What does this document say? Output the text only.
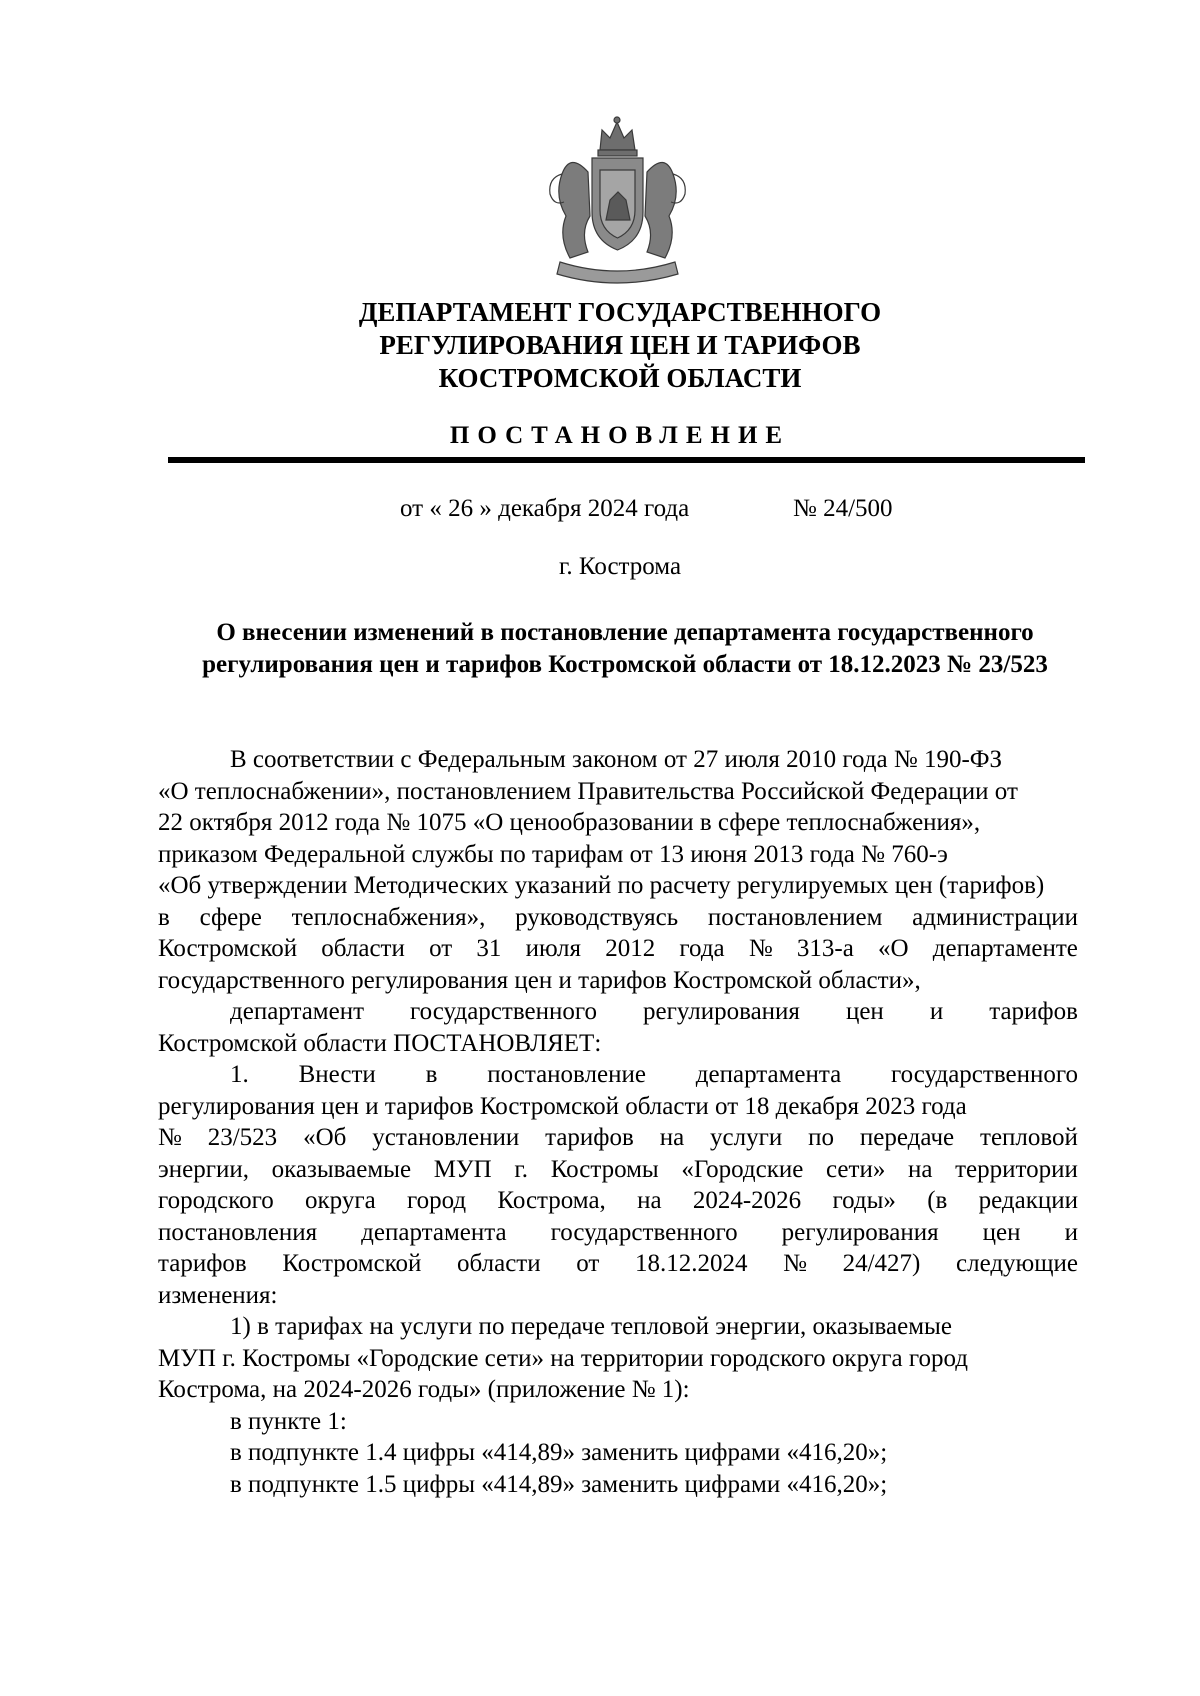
ДЕПАРТАМЕНТ ГОСУДАРСТВЕННОГО
РЕГУЛИРОВАНИЯ ЦЕН И ТАРИФОВ
КОСТРОМСКОЙ ОБЛАСТИ
ПОСТАНОВЛЕНИЕ
от « 26 » декабря 2024 года	№ 24/500
г. Кострома
О внесении изменений в постановление департамента государственного
регулирования цен и тарифов Костромской области от 18.12.2023 № 23/523
В соответствии с Федеральным законом от 27 июля 2010 года № 190-ФЗ
«О теплоснабжении», постановлением Правительства Российской Федерации от
22 октября 2012 года № 1075 «О ценообразовании в сфере теплоснабжения»,
приказом Федеральной службы по тарифам от 13 июня 2013 года № 760-э
«Об утверждении Методических указаний по расчету регулируемых цен (тарифов)
в сфере теплоснабжения», руководствуясь постановлением администрации
Костромской области от 31 июля 2012 года № 313-а «О департаменте
государственного регулирования цен и тарифов Костромской области»,
департамент государственного регулирования цен и тарифов
Костромской области ПОСТАНОВЛЯЕТ:
1. Внести в постановление департамента государственного
регулирования цен и тарифов Костромской области от 18 декабря 2023 года
№ 23/523 «Об установлении тарифов на услуги по передаче тепловой
энергии, оказываемые МУП г. Костромы «Городские сети» на территории
городского округа город Кострома, на 2024-2026 годы» (в редакции
постановления департамента государственного регулирования цен и
тарифов Костромской области от 18.12.2024 № 24/427) следующие
изменения:
1) в тарифах на услуги по передаче тепловой энергии, оказываемые
МУП г. Костромы «Городские сети» на территории городского округа город
Кострома, на 2024-2026 годы» (приложение № 1):
в пункте 1:
в подпункте 1.4 цифры «414,89» заменить цифрами «416,20»;
в подпункте 1.5 цифры «414,89» заменить цифрами «416,20»;
